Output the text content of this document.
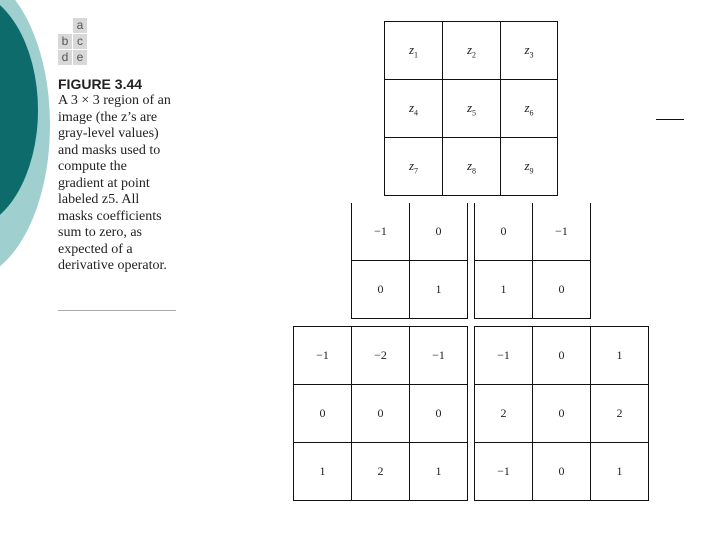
a
b c
d e
FIGURE 3.44
A 3 × 3 region of an image (the z’s are gray-level values) and masks used to compute the gradient at point labeled z5. All masks coefficients sum to zero, as expected of a derivative operator.
$z_1$	$z_2$	$z_3$
$z_4$	$z_5$	$z_6$
$z_7$	$z_8$	$z_9$
−1	0
0	1
0	−1
1	0
−1	−2	−1
0	0	0
1	2	1
−1	0	1
2	0	2
−1	0	1
